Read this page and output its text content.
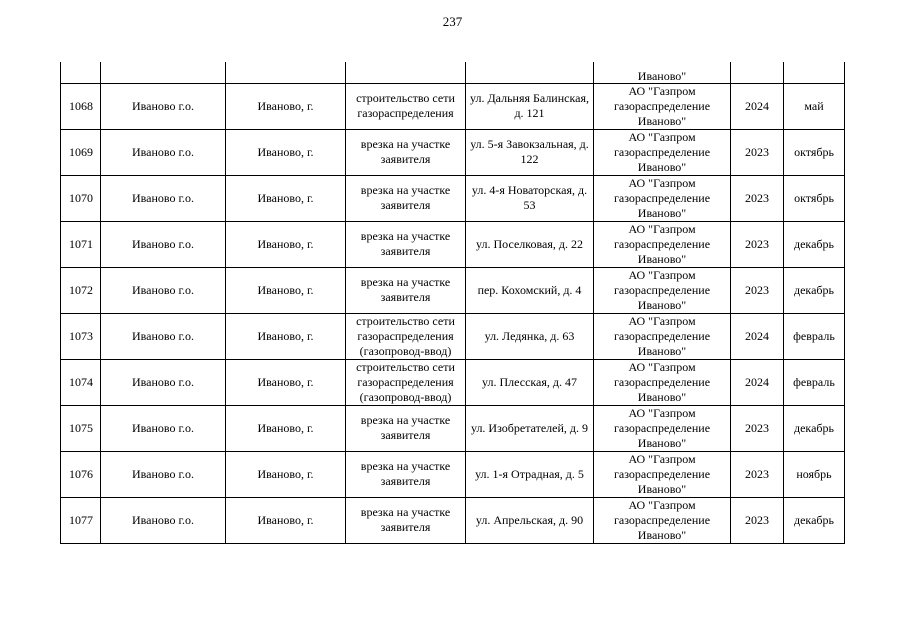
237
					Иваново"		
1068	Иваново г.о.	Иваново, г.	строительство сети газораспределения	ул. Дальняя Балинская, д. 121	АО "Газпром газораспределение Иваново"	2024	май
1069	Иваново г.о.	Иваново, г.	врезка на участке заявителя	ул. 5-я Завокзальная, д. 122	АО "Газпром газораспределение Иваново"	2023	октябрь
1070	Иваново г.о.	Иваново, г.	врезка на участке заявителя	ул. 4-я Новаторская, д. 53	АО "Газпром газораспределение Иваново"	2023	октябрь
1071	Иваново г.о.	Иваново, г.	врезка на участке заявителя	ул. Поселковая, д. 22	АО "Газпром газораспределение Иваново"	2023	декабрь
1072	Иваново г.о.	Иваново, г.	врезка на участке заявителя	пер. Кохомский, д. 4	АО "Газпром газораспределение Иваново"	2023	декабрь
1073	Иваново г.о.	Иваново, г.	строительство сети газораспределения (газопровод-ввод)	ул. Ледянка, д. 63	АО "Газпром газораспределение Иваново"	2024	февраль
1074	Иваново г.о.	Иваново, г.	строительство сети газораспределения (газопровод-ввод)	ул. Плесская, д. 47	АО "Газпром газораспределение Иваново"	2024	февраль
1075	Иваново г.о.	Иваново, г.	врезка на участке заявителя	ул. Изобретателей, д. 9	АО "Газпром газораспределение Иваново"	2023	декабрь
1076	Иваново г.о.	Иваново, г.	врезка на участке заявителя	ул. 1-я Отрадная, д. 5	АО "Газпром газораспределение Иваново"	2023	ноябрь
1077	Иваново г.о.	Иваново, г.	врезка на участке заявителя	ул. Апрельская, д. 90	АО "Газпром газораспределение Иваново"	2023	декабрь
